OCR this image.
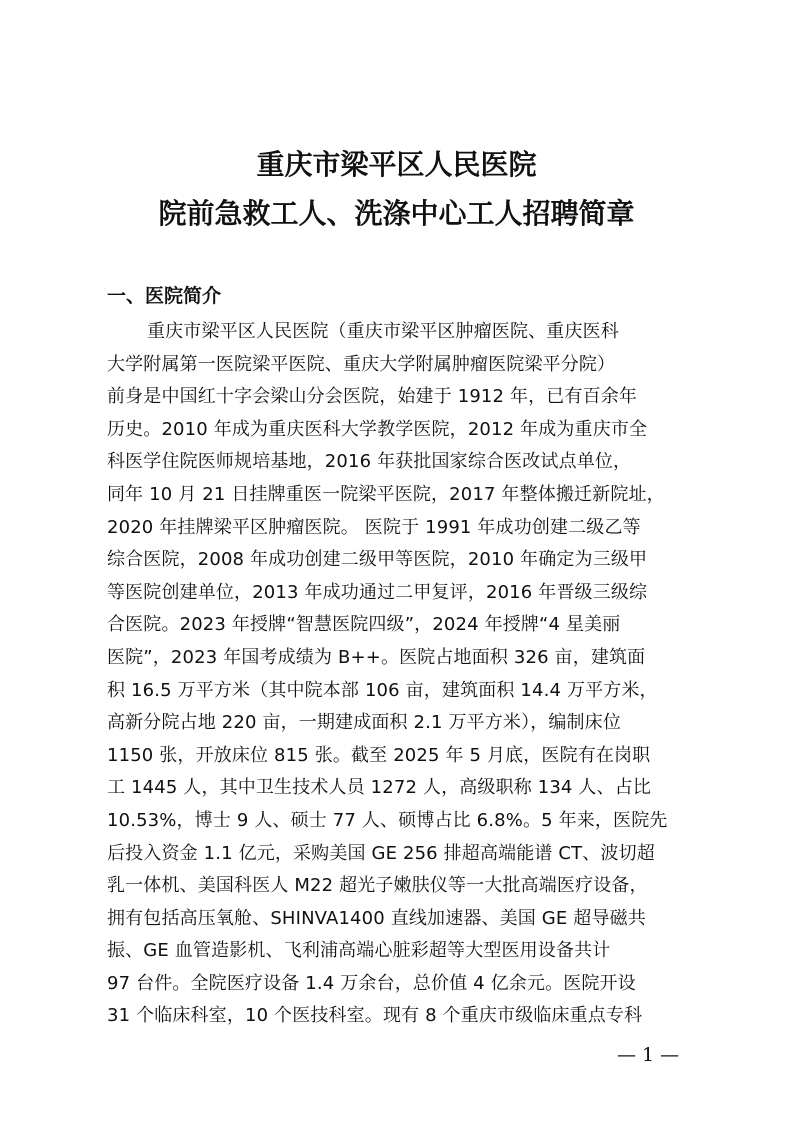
重庆市梁平区人民医院
院前急救工人、洗涤中心工人招聘简章
一、医院简介
重庆市梁平区人民医院（重庆市梁平区肿瘤医院、重庆医科
大学附属第一医院梁平医院、重庆大学附属肿瘤医院梁平分院）
前身是中国红十字会梁山分会医院，始建于 1912 年，已有百余年
历史。2010 年成为重庆医科大学教学医院，2012 年成为重庆市全
科医学住院医师规培基地，2016 年获批国家综合医改试点单位，
同年 10 月 21 日挂牌重医一院梁平医院，2017 年整体搬迁新院址，
2020 年挂牌梁平区肿瘤医院。 医院于 1991 年成功创建二级乙等
综合医院，2008 年成功创建二级甲等医院，2010 年确定为三级甲
等医院创建单位，2013 年成功通过二甲复评，2016 年晋级三级综
合医院。2023 年授牌“智慧医院四级”，2024 年授牌“4 星美丽
医院”，2023 年国考成绩为 B++。医院占地面积 326 亩，建筑面
积 16.5 万平方米（其中院本部 106 亩，建筑面积 14.4 万平方米，
高新分院占地 220 亩，一期建成面积 2.1 万平方米），编制床位
1150 张，开放床位 815 张。截至 2025 年 5 月底，医院有在岗职
工 1445 人，其中卫生技术人员 1272 人，高级职称 134 人、占比
10.53%，博士 9 人、硕士 77 人、硕博占比 6.8%。5 年来，医院先
后投入资金 1.1 亿元，采购美国 GE 256 排超高端能谱 CT、波切超
乳一体机、美国科医人 M22 超光子嫩肤仪等一大批高端医疗设备，
拥有包括高压氧舱、SHINVA1400 直线加速器、美国 GE 超导磁共
振、GE 血管造影机、飞利浦高端心脏彩超等大型医用设备共计
97 台件。全院医疗设备 1.4 万余台，总价值 4 亿余元。医院开设
31 个临床科室，10 个医技科室。现有 8 个重庆市级临床重点专科
— 1 —
